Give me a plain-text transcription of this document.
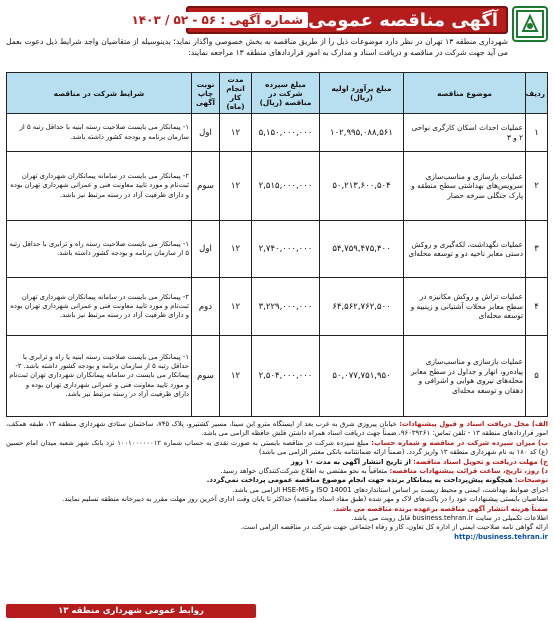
آگهی مناقصه عمومی
شماره آگهی : ۵۶ - ۵۲ / ۱۴۰۳
شهرداری منطقه ۱۳ تهران در نظر دارد موضوعات ذیل را از طریق مناقصه به بخش خصوصی واگذار نماید؛ بدینوسیله از متقاضیان واجد شرایط ذیل دعوت بعمل می آید جهت شرکت در مناقصه و دریافت اسناد و مدارک به امور قراردادهای منطقه ۱۳ مراجعه نمایند:
ردیف	موضوع مناقصه	مبلغ برآورد اولیه (ریال)	مبلغ سپرده شرکت در مناقصه (ریال)	مدت انجام کار (ماه)	نوبت چاپ آگهی	شرایط شرکت در مناقصه
۱	عملیات احداث اسکان کارگری نواحی ۲ و ۳	۱۰۲,۹۹۵,۰۸۸,۵۶۱	۵,۱۵۰,۰۰۰,۰۰۰	۱۲	اول	۱- پیمانکار می بایست صلاحیت رسته ابنیه با حداقل رتبه ۵ از سازمان برنامه و بودجه کشور داشته باشد.
۲	عملیات بازسازی و مناسب‌سازی سرویس‌های بهداشتی سطح منطقه و پارک جنگلی سرخه حصار	۵۰,۲۱۳,۶۰۰,۵۰۴	۲,۵۱۵,۰۰۰,۰۰۰	۱۲	سوم	۲- پیمانکار می بایست در سامانه پیمانکاران شهرداری تهران ثبت‌نام و مورد تایید معاونت فنی و عمرانی شهرداری تهران بوده و دارای ظرفیت آزاد در رسته مرتبط نیز باشد.
۳	عملیات نگهداشت، لکه‌گیری و روکش دستی معابر ناحیه دو و توسعه محله‌ای	۵۴,۷۵۹,۴۷۵,۴۰۰	۲,۷۴۰,۰۰۰,۰۰۰	۱۲	اول	۱- پیمانکار می بایست صلاحیت رسته راه و ترابری با حداقل رتبه ۵ از سازمان برنامه و بودجه کشور داشته باشد.
۴	عملیات تراش و روکش مکانیزه در سطح معابر محلات آشتیانی و زینبیه و توسعه محله‌ای	۶۴,۵۶۲,۷۶۲,۵۰۰	۳,۲۲۹,۰۰۰,۰۰۰	۱۲	دوم	۲- پیمانکار می بایست در سامانه پیمانکاران شهرداری تهران ثبت‌نام و مورد تایید معاونت فنی و عمرانی شهرداری تهران بوده و دارای ظرفیت آزاد در رسته مرتبط نیز باشد.
۵	عملیات بازسازی و مناسب‌سازی پیاده‌رو، انهار و جداول در سطح معابر محله‌های نیروی هوایی و اشرافی و دهقان و توسعه محله‌ای	۵۰,۰۷۷,۷۵۱,۹۵۰	۲,۵۰۴,۰۰۰,۰۰۰	۱۲	سوم	۱- پیمانکار می بایست صلاحیت رسته ابنیه یا راه و ترابری با حداقل رتبه ۵ از سازمان برنامه و بودجه کشور داشته باشد. ۲- پیمانکار می بایست در سامانه پیمانکاران شهرداری تهران ثبت‌نام و مورد تایید معاونت فنی و عمرانی شهرداری تهران بوده و دارای ظرفیت آزاد در رسته مرتبط نیز باشد.
الف) محل دریافت اسناد و قبول پیشنهادات: خیابان پیروزی شرق به غرب بعد از ایستگاه مترو ابن سینا، مسیر کشتیرو، پلاک ۷۴۵، ساختمان ستادی شهرداری منطقه ۱۳، طبقه همکف، امور قراردادهای منطقه ۱۳ - تلفن تماس: ۹۶۰۳۹۲۶۱، ضمناً جهت دریافت اسناد همراه داشتن فلش حافظه الزامی می باشد.
ب) میزان سپرده شرکت در مناقصه و شماره حساب: مبلغ سپرده شرکت در مناقصه بایستی به صورت نقدی به حساب شماره ۱۰۰۱۰۰۰۰۰۰۱۲ نزد بانک شهر شعبه میدان امام حسین (ع) کد ۱۸۰ به نام شهرداری منطقه ۱۳ واریز گردد. (ضمناً ارائه ضمانتنامه بانکی معتبر الزامی می باشد)
ج) مهلت دریافت و تحویل اسناد مناقصه: از تاریخ انتشار آگهی به مدت ۱۰ روز
د) روز، تاریخ، ساعت قرائت پیشنهادات مناقصه: متعاقباً به نحو مقتضی به اطلاع شرکت‌کنندگان خواهد رسید.
توضیحات: هیچگونه پیش‌پرداخت به پیمانکار برنده جهت انجام موضوع مناقصه عمومی پرداخت نمی‌گردد.
اجرای ضوابط بهداشت، ایمنی و محیط زیست بر اساس استانداردهای ISO 14001 و HSE-MS الزامی می باشد.
متقاضیان بایستی پیشنهادات خود را در پاکت‌های لاک و مهر شده (طبق مفاد اسناد مناقصه) حداکثر تا پایان وقت اداری آخرین روز مهلت مقرر به دبیرخانه منطقه تسلیم نمایند.
ضمناً هزینه انتشار آگهی مناقصه برعهده برنده مناقصه می باشد.
اطلاعات تکمیلی در سایت business.tehran.ir قابل رویت می باشد.
ارائه گواهی نامه صلاحیت ایمنی از اداره کل تعاون، کار و رفاه اجتماعی جهت شرکت در مناقصه الزامی است.
http://business.tehran.ir
روابط عمومی شهرداری منطقه ۱۳
